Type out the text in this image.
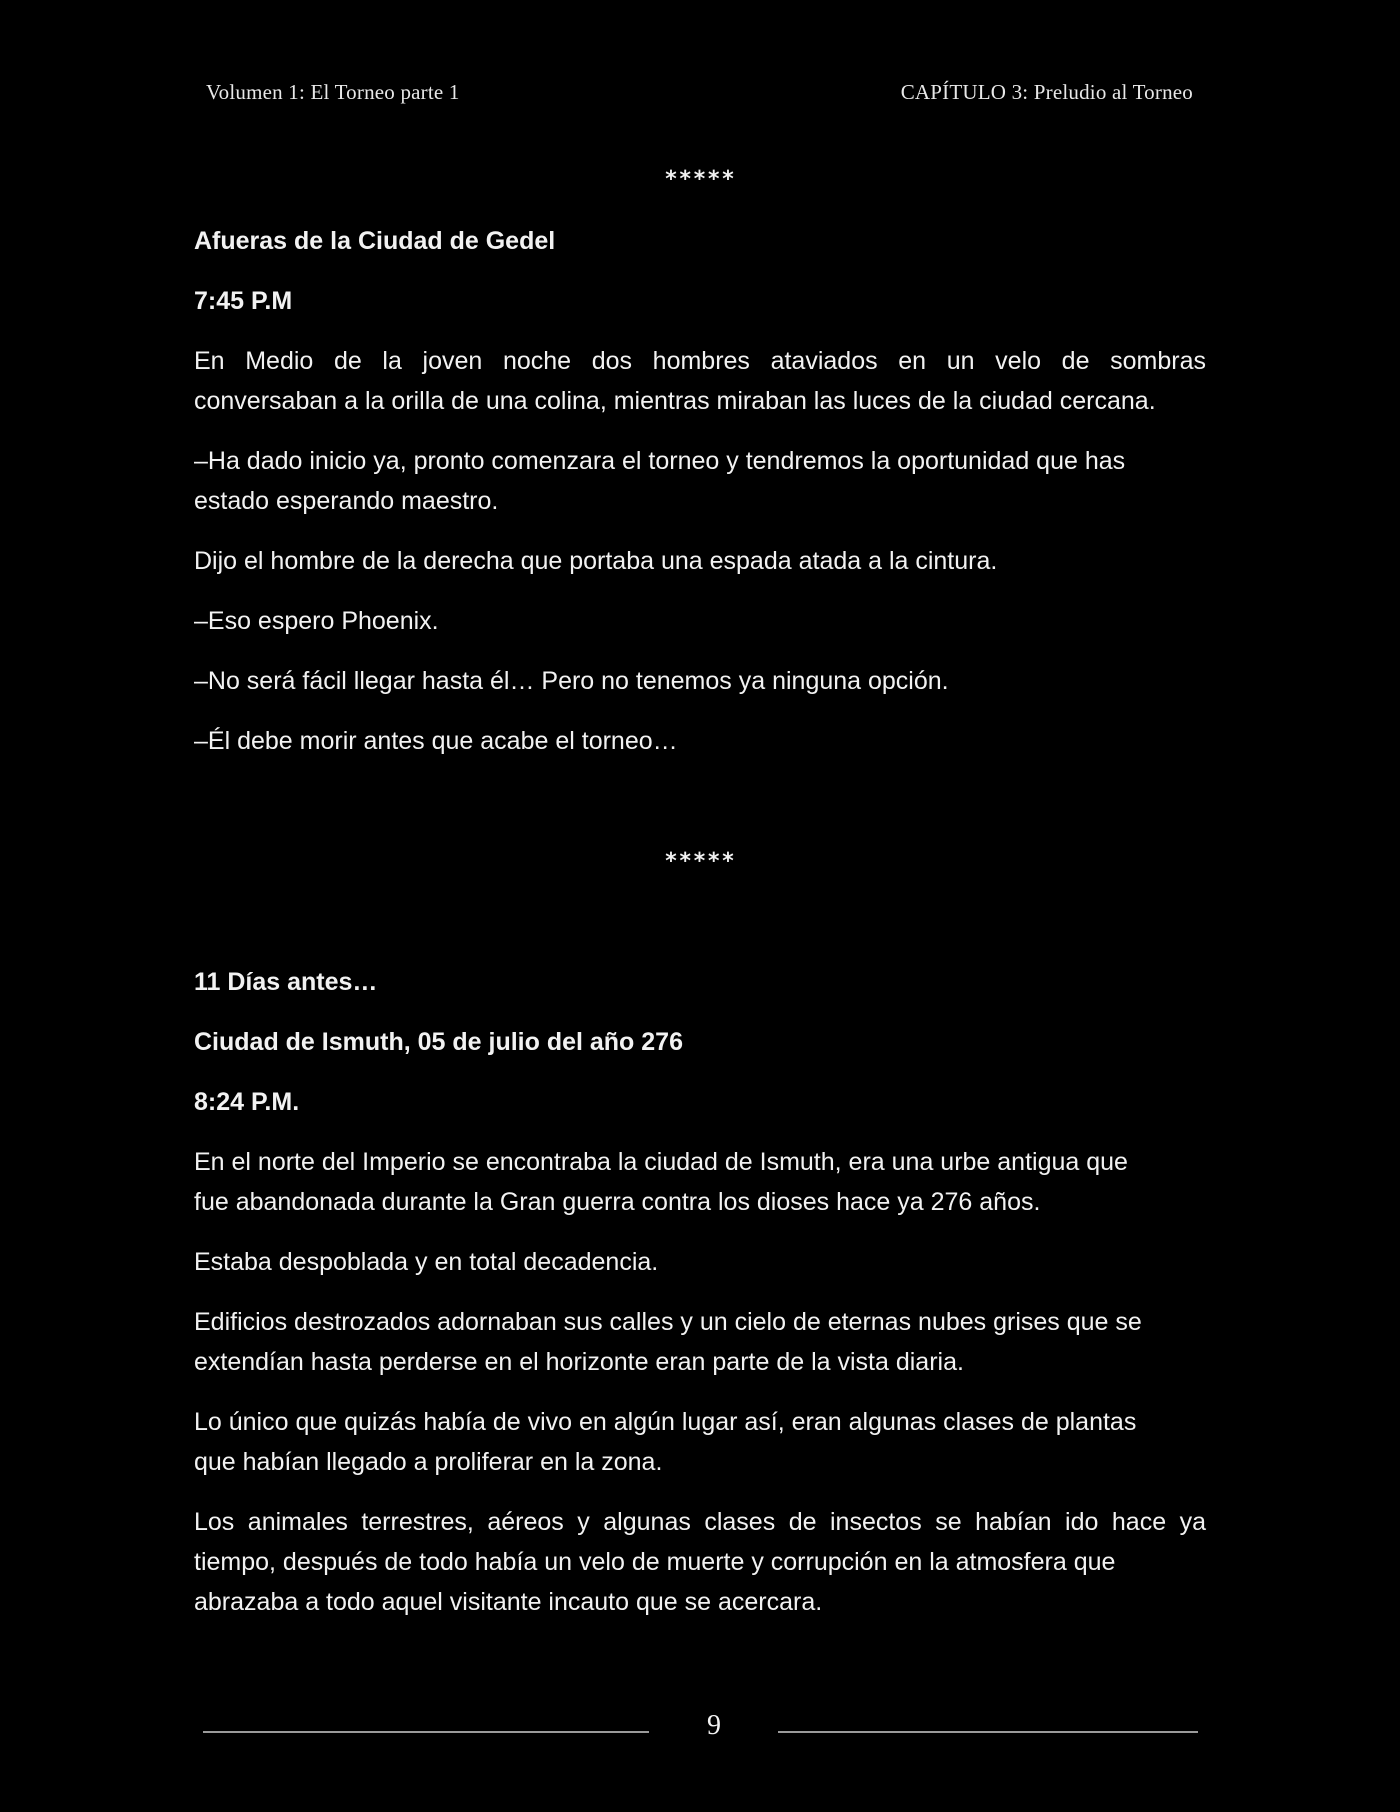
Volumen 1: El Torneo parte 1	CAPÍTULO 3: Preludio al Torneo
*****
Afueras de la Ciudad de Gedel
7:45 P.M
En Medio de la joven noche dos hombres ataviados en un velo de sombras
conversaban a la orilla de una colina, mientras miraban las luces de la ciudad cercana.
–Ha dado inicio ya, pronto comenzara el torneo y tendremos la oportunidad que has
estado esperando maestro.
Dijo el hombre de la derecha que portaba una espada atada a la cintura.
–Eso espero Phoenix.
–No será fácil llegar hasta él… Pero no tenemos ya ninguna opción.
–Él debe morir antes que acabe el torneo…
*****
11 Días antes…
Ciudad de Ismuth, 05 de julio del año 276
8:24 P.M.
En el norte del Imperio se encontraba la ciudad de Ismuth, era una urbe antigua que
fue abandonada durante la Gran guerra contra los dioses hace ya 276 años.
Estaba despoblada y en total decadencia.
Edificios destrozados adornaban sus calles y un cielo de eternas nubes grises que se
extendían hasta perderse en el horizonte eran parte de la vista diaria.
Lo único que quizás había de vivo en algún lugar así, eran algunas clases de plantas
que habían llegado a proliferar en la zona.
Los animales terrestres, aéreos y algunas clases de insectos se habían ido hace ya
tiempo, después de todo había un velo de muerte y corrupción en la atmosfera que
abrazaba a todo aquel visitante incauto que se acercara.
9
